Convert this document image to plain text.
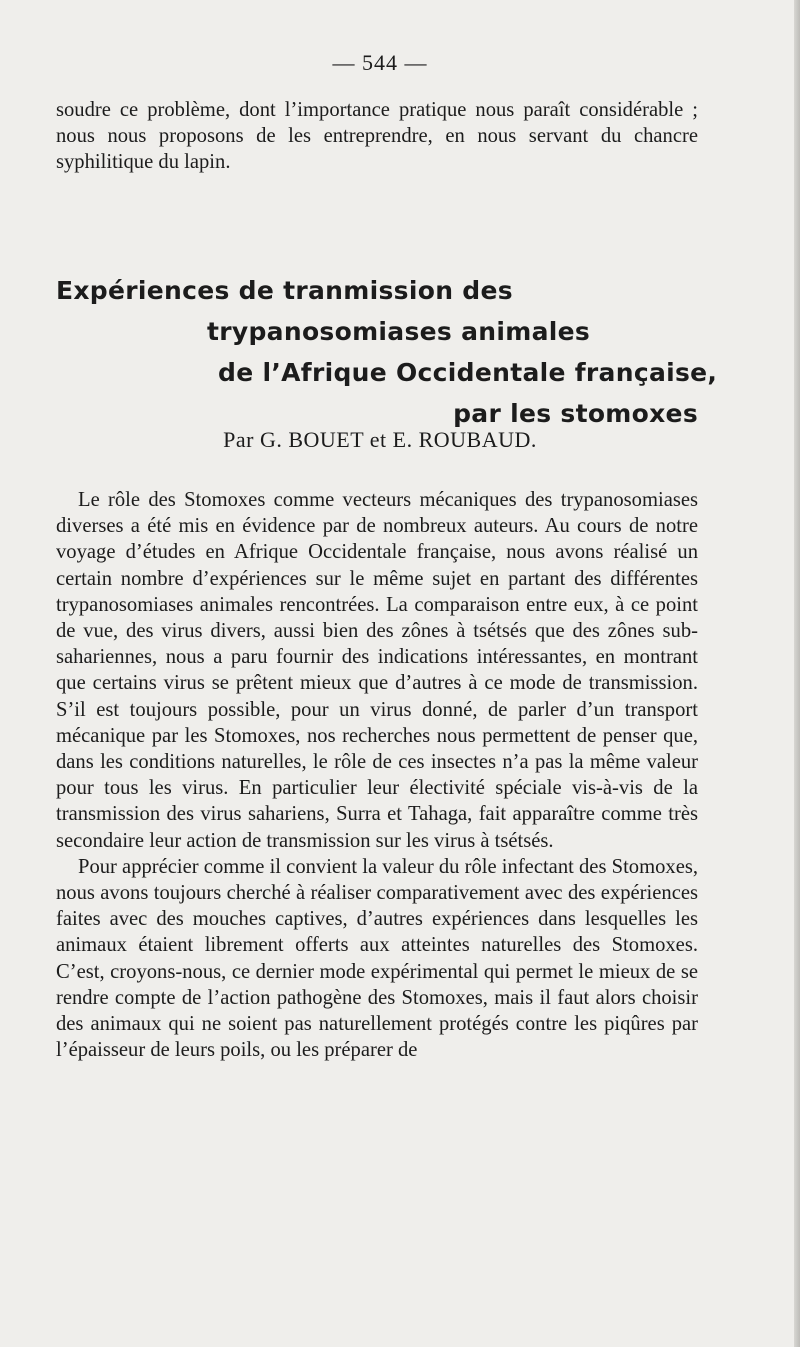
— 544 —

soudre ce problème, dont l’importance pratique nous paraît considérable ; nous nous proposons de les entreprendre, en nous servant du chancre syphilitique du lapin.

Expériences de tranmission des
trypanosomiases animales
de l’Afrique Occidentale française,
par les stomoxes
Par G. BOUET et E. ROUBAUD.

Le rôle des Stomoxes comme vecteurs mécaniques des trypanosomiases diverses a été mis en évidence par de nombreux auteurs. Au cours de notre voyage d’études en Afrique Occidentale française, nous avons réalisé un certain nombre d’expériences sur le même sujet en partant des différentes trypanosomiases animales rencontrées. La comparaison entre eux, à ce point de vue, des virus divers, aussi bien des zônes à tsétsés que des zônes sub-sahariennes, nous a paru fournir des indications intéressantes, en montrant que certains virus se prêtent mieux que d’autres à ce mode de transmission. S’il est toujours possible, pour un virus donné, de parler d’un transport mécanique par les Stomoxes, nos recherches nous permettent de penser que, dans les conditions naturelles, le rôle de ces insectes n’a pas la même valeur pour tous les virus. En particulier leur électivité spéciale vis-à-vis de la transmission des virus sahariens, Surra et Tahaga, fait apparaître comme très secondaire leur action de transmission sur les virus à tsétsés.

Pour apprécier comme il convient la valeur du rôle infectant des Stomoxes, nous avons toujours cherché à réaliser comparativement avec des expériences faites avec des mouches captives, d’autres expériences dans lesquelles les animaux étaient librement offerts aux atteintes naturelles des Stomoxes. C’est, croyons-nous, ce dernier mode expérimental qui permet le mieux de se rendre compte de l’action pathogène des Stomoxes, mais il faut alors choisir des animaux qui ne soient pas naturellement protégés contre les piqûres par l’épaisseur de leurs poils, ou les préparer de
